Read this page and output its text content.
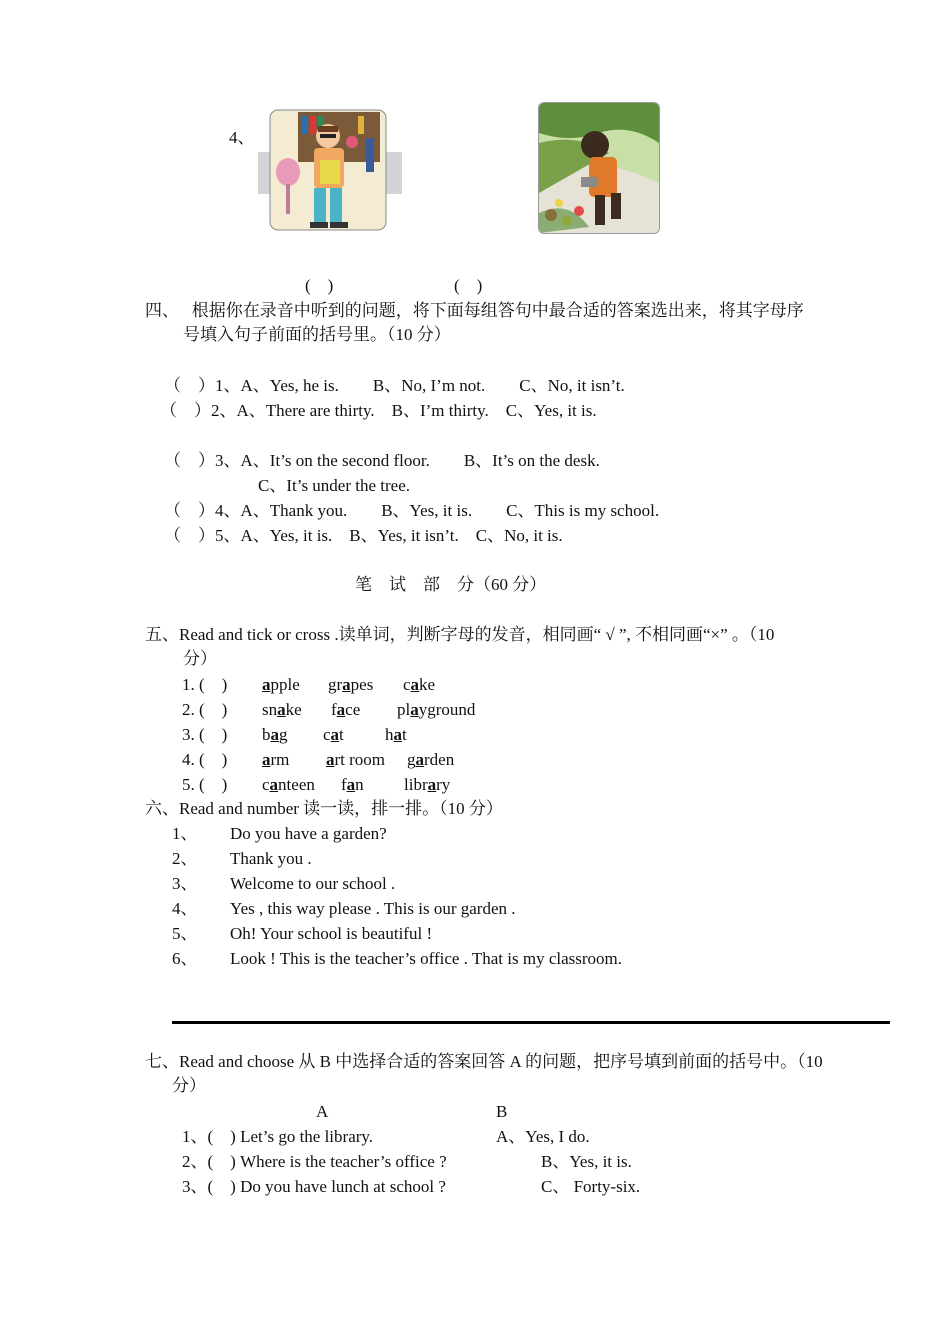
4、
(　)	(　)
四、　 根据你在录音中听到的问题，将下面每组答句中最合适的答案选出来，将其字母序
号填入句子前面的括号里。（10 分）
（　）1、A、Yes, he is.　　B、No, I’m not.　　C、No, it isn’t.
（　）2、A、There are thirty.　B、I’m thirty.　C、Yes, it is.
（　）3、A、It’s on the second floor.　　B、It’s on the desk.
C、It’s under the tree.
（　）4、A、Thank you.　　B、Yes, it is.　　C、This is my school.
（　）5、A、Yes, it is.　B、Yes, it isn’t.　C、No, it is.
笔　试　部　分（60 分）
五、Read and tick or cross .读单词，判断字母的发音，相同画“ √ ”, 不相同画“×” 。（10
分）
1. (　) apple grapes cake
2. (　) snake face playground
3. (　) bag cat hat
4. (　) arm art room garden
5. (　) canteen fan library
六、Read and number 读一读，排一排。（10 分）
1、 Do you have a garden?
2、 Thank you .
3、 Welcome to our school .
4、 Yes , this way please . This is our garden .
5、 Oh! Your school is beautiful !
6、 Look ! This is the teacher’s office . That is my classroom.
七、Read and choose 从 B 中选择合适的答案回答 A 的问题，把序号填到前面的括号中。（10
分）
A	B
1、(　) Let’s go the library.
2、(　) Where is the teacher’s office ?
3、(　) Do you have lunch at school ?
A、Yes, I do.
B、Yes, it is.
C、 Forty-six.
